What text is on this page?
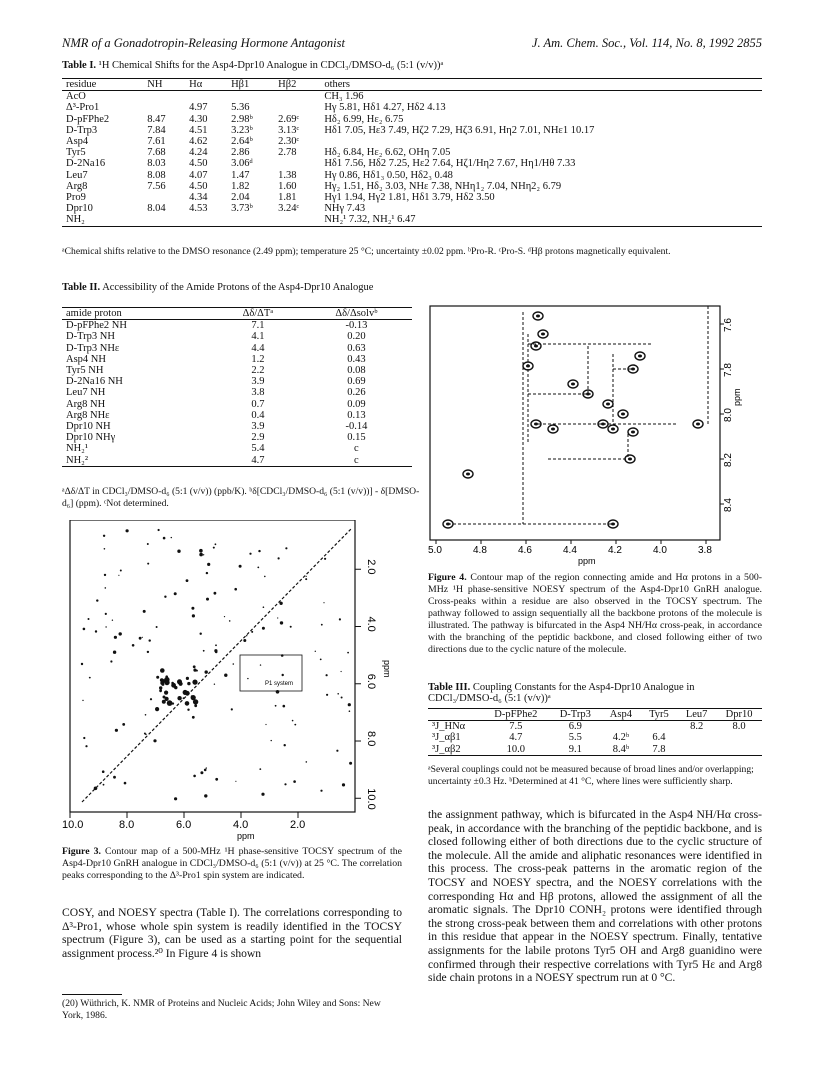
NMR of a Gonadotropin-Releasing Hormone Antagonist	J. Am. Chem. Soc., Vol. 114, No. 8, 1992 2855
Table I. ¹H Chemical Shifts for the Asp4-Dpr10 Analogue in CDCl₃/DMSO-d₆ (5:1 (v/v))ᵃ
residue	NH	Hα	Hβ1	Hβ2	others
AcO					CH₃ 1.96
Δ³-Pro1		4.97	5.36		Hγ 5.81, Hδ1 4.27, Hδ2 4.13
D-pFPhe2	8.47	4.30	2.98ᵇ	2.69ᶜ	Hδ₂ 6.99, Hε₂ 6.75
D-Trp3	7.84	4.51	3.23ᵇ	3.13ᶜ	Hδ1 7.05, Hε3 7.49, Hζ2 7.29, Hζ3 6.91, Hη2 7.01, NHε1 10.17
Asp4	7.61	4.62	2.64ᵇ	2.30ᶜ	
Tyr5	7.68	4.24	2.86	2.78	Hδ₂ 6.84, Hε₂ 6.62, OHη 7.05
D-2Na16	8.03	4.50	3.06ᵈ		Hδ1 7.56, Hδ2 7.25, Hε2 7.64, Hζ1/Hη2 7.67, Hη1/Hθ 7.33
Leu7	8.08	4.07	1.47	1.38	Hγ 0.86, Hδ1₃ 0.50, Hδ2₃ 0.48
Arg8	7.56	4.50	1.82	1.60	Hγ₂ 1.51, Hδ₂ 3.03, NHε 7.38, NHη1₂ 7.04, NHη2₂ 6.79
Pro9		4.34	2.04	1.81	Hγ1 1.94, Hγ2 1.81, Hδ1 3.79, Hδ2 3.50
Dpr10	8.04	4.53	3.73ᵇ	3.24ᶜ	NHγ 7.43
NH₂					NH₂¹ 7.32, NH₂¹ 6.47
ᵃChemical shifts relative to the DMSO resonance (2.49 ppm); temperature 25 °C; uncertainty ±0.02 ppm. ᵇPro-R. ᶜPro-S. ᵈHβ protons magnetically equivalent.
Table II. Accessibility of the Amide Protons of the Asp4-Dpr10 Analogue
amide proton	Δδ/ΔTᵃ	Δδ/Δsolvᵇ
D-pFPhe2 NH	7.1	-0.13
D-Trp3 NH	4.1	0.20
D-Trp3 NHε	4.4	0.63
Asp4 NH	1.2	0.43
Tyr5 NH	2.2	0.08
D-2Na16 NH	3.9	0.69
Leu7 NH	3.8	0.26
Arg8 NH	0.7	0.09
Arg8 NHε	0.4	0.13
Dpr10 NH	3.9	-0.14
Dpr10 NHγ	2.9	0.15
NH₂¹	5.4	c
NH₂²	4.7	c
ᵃΔδ/ΔT in CDCl₃/DMSO-d₆ (5:1 (v/v)) (ppb/K). ᵇδ[CDCl₃/DMSO-d₆ (5:1 (v/v))] - δ[DMSO-d₆] (ppm). ᶜNot determined.
P1 system
10.0	8.0	6.0	4.0	2.0
2.0
4.0
6.0
8.0
10.0
ppm
ppm
Figure 3. Contour map of a 500-MHz ¹H phase-sensitive TOCSY spectrum of the Asp4-Dpr10 GnRH analogue in CDCl₃/DMSO-d₆ (5:1 (v/v)) at 25 °C. The correlation peaks corresponding to the Δ³-Pro1 spin system are indicated.
COSY, and NOESY spectra (Table I). The correlations corresponding to Δ³-Pro1, whose whole spin system is readily identified in the TOCSY spectrum (Figure 3), can be used as a starting point for the sequential assignment process.²⁰ In Figure 4 is shown
(20) Wüthrich, K. NMR of Proteins and Nucleic Acids; John Wiley and Sons: New York, 1986.
5.0	4.8	4.6	4.4	4.2	4.0	3.8
7.6
7.8
8.0
8.2
8.4
ppm
ppm
Figure 4. Contour map of the region connecting amide and Hα protons in a 500-MHz ¹H phase-sensitive NOESY spectrum of the Asp4-Dpr10 GnRH analogue. Cross-peaks within a residue are also observed in the TOCSY spectrum. The pathway followed to assign sequentially all the backbone protons of the molecule is illustrated. The pathway is bifurcated in the Asp4 NH/Hα cross-peak, in accordance with the branching of the peptidic backbone, and closed following either of two directions due to the cyclic nature of the molecule.
Table III. Coupling Constants for the Asp4-Dpr10 Analogue in CDCl₃/DMSO-d₆ (5:1 (v/v))ᵃ
	D-pFPhe2	D-Trp3	Asp4	Tyr5	Leu7	Dpr10
³J_HNα	7.5	6.9			8.2	8.0
³J_αβ1	4.7	5.5	4.2ᵇ	6.4		
³J_αβ2	10.0	9.1	8.4ᵇ	7.8		
ᵃSeveral couplings could not be measured because of broad lines and/or overlapping; uncertainty ±0.3 Hz. ᵇDetermined at 41 °C, where lines were sufficiently sharp.
the assignment pathway, which is bifurcated in the Asp4 NH/Hα cross-peak, in accordance with the branching of the peptidic backbone, and is closed following either of both directions due to the cyclic structure of the molecule. All the amide and aliphatic resonances were identified in this process. The cross-peak patterns in the aromatic region of the TOCSY and NOESY spectra, and the NOESY correlations with the corresponding Hα and Hβ protons, allowed the assignment of all the aromatic signals. The Dpr10 CONH₂ protons were identified through the strong cross-peak between them and correlations with other protons in this residue that appear in the NOESY spectrum. Finally, tentative assignments for the labile protons Tyr5 OH and Arg8 guanidino were confirmed through their respective correlations with Tyr5 Hε and Arg8 side chain protons in a NOESY spectrum run at 0 °C.
